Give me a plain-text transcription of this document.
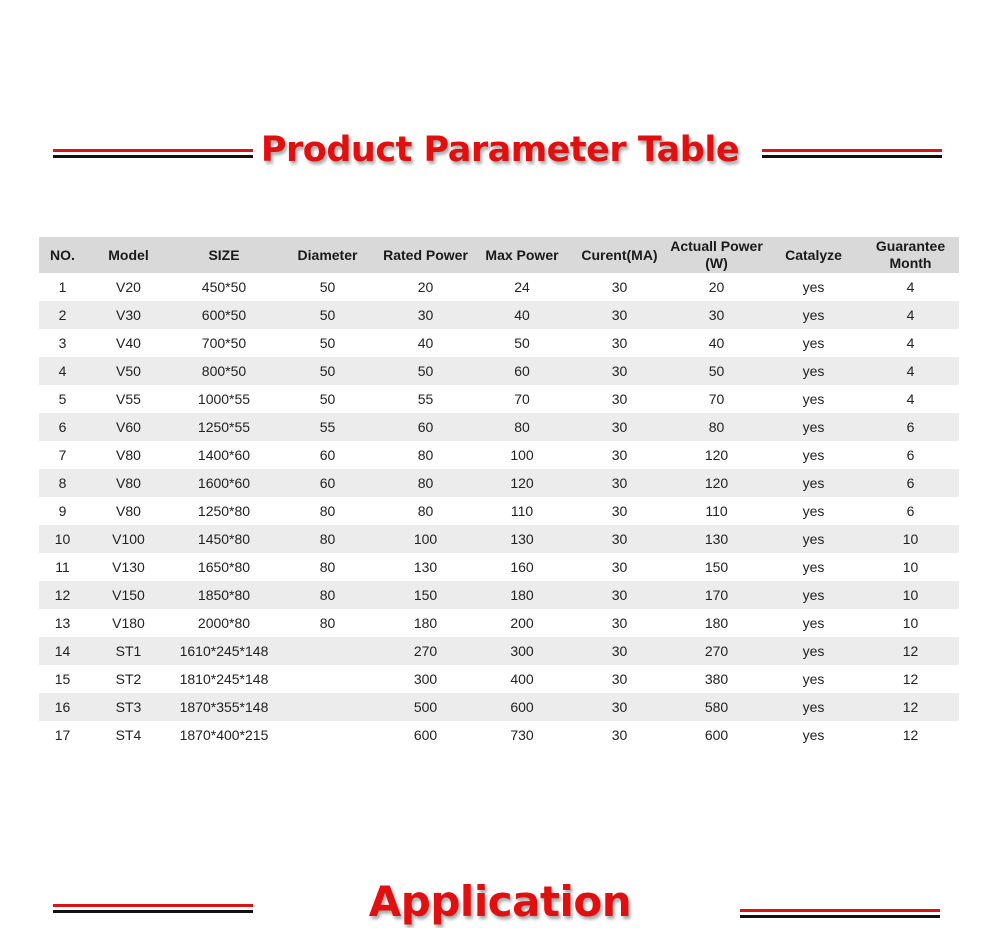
Product Parameter Table
NO.	Model	SIZE	Diameter	Rated Power	Max Power	Curent(MA)	Actuall Power (W)	Catalyze	Guarantee Month
1	V20	450*50	50	20	24	30	20	yes	4
2	V30	600*50	50	30	40	30	30	yes	4
3	V40	700*50	50	40	50	30	40	yes	4
4	V50	800*50	50	50	60	30	50	yes	4
5	V55	1000*55	50	55	70	30	70	yes	4
6	V60	1250*55	55	60	80	30	80	yes	6
7	V80	1400*60	60	80	100	30	120	yes	6
8	V80	1600*60	60	80	120	30	120	yes	6
9	V80	1250*80	80	80	110	30	110	yes	6
10	V100	1450*80	80	100	130	30	130	yes	10
11	V130	1650*80	80	130	160	30	150	yes	10
12	V150	1850*80	80	150	180	30	170	yes	10
13	V180	2000*80	80	180	200	30	180	yes	10
14	ST1	1610*245*148		270	300	30	270	yes	12
15	ST2	1810*245*148		300	400	30	380	yes	12
16	ST3	1870*355*148		500	600	30	580	yes	12
17	ST4	1870*400*215		600	730	30	600	yes	12
Application
